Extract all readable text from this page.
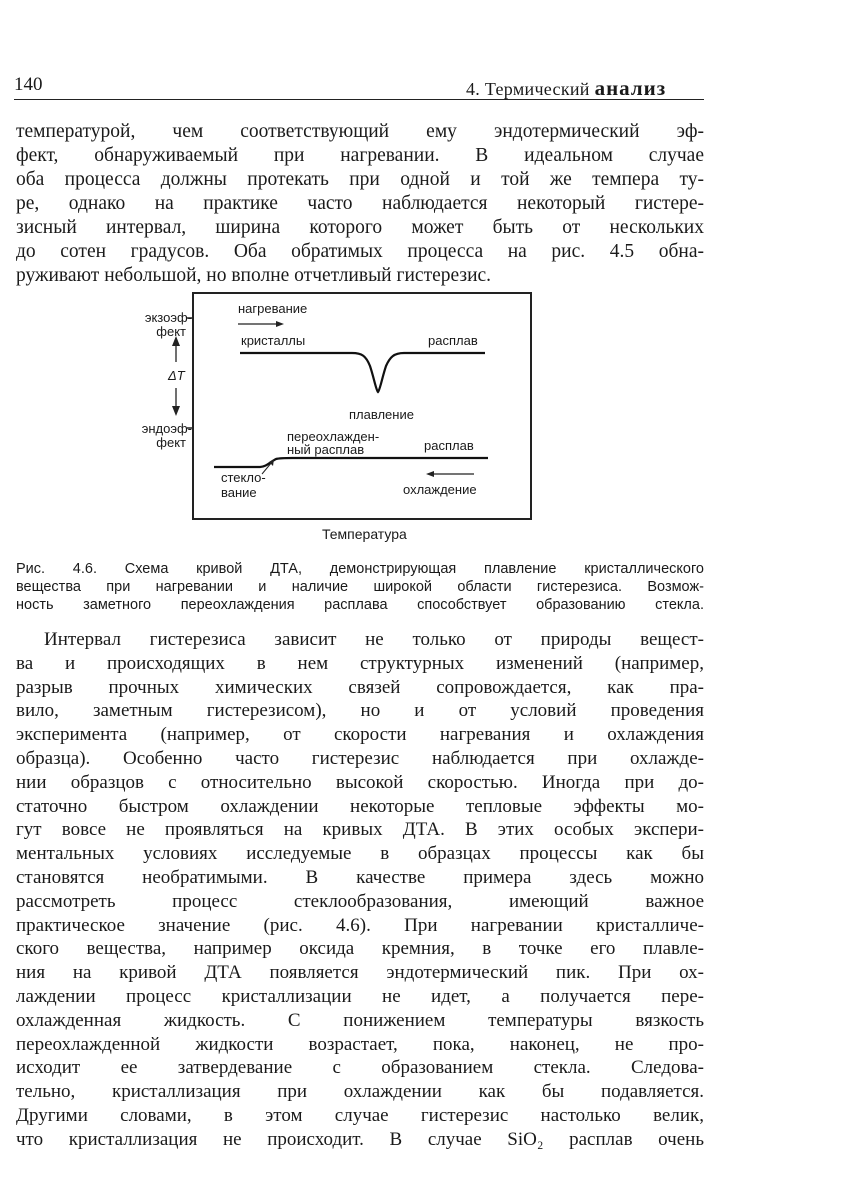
140	4. Термический анализ
температурой, чем соответствующий ему эндотермический эф-
фект, обнаруживаемый при нагревании. В идеальном случае
оба процесса должны протекать при одной и той же темпера ту-
ре, однако на практике часто наблюдается некоторый гистере-
зисный интервал, ширина которого может быть от нескольких
до сотен градусов. Оба обратимых процесса на рис. 4.5 обна-
руживают небольшой, но вполне отчетливый гистерезис.
экзоэф-
фект
ΔT
эндоэф-
фект
нагревание
кристаллы	расплав
плавление
переохлажден-
ный расплав	расплав
стекло-
вание	охлаждение
Температура
Рис. 4.6. Схема кривой ДТА, демонстрирующая плавление кристаллического
вещества при нагревании и наличие широкой области гистерезиса. Возмож-
ность заметного переохлаждения расплава способствует образованию стекла.
Интервал гистерезиса зависит не только от природы вещест-
ва и происходящих в нем структурных изменений (например,
разрыв прочных химических связей сопровождается, как пра-
вило, заметным гистерезисом), но и от условий проведения
эксперимента (например, от скорости нагревания и охлаждения
образца). Особенно часто гистерезис наблюдается при охлажде-
нии образцов с относительно высокой скоростью. Иногда при до-
статочно быстром охлаждении некоторые тепловые эффекты мо-
гут вовсе не проявляться на кривых ДТА. В этих особых экспери-
ментальных условиях исследуемые в образцах процессы как бы
становятся необратимыми. В качестве примера здесь можно
рассмотреть процесс стеклообразования, имеющий важное
практическое значение (рис. 4.6). При нагревании кристалличе-
ского вещества, например оксида кремния, в точке его плавле-
ния на кривой ДТА появляется эндотермический пик. При ох-
лаждении процесс кристаллизации не идет, а получается пере-
охлажденная жидкость. С понижением температуры вязкость
переохлажденной жидкости возрастает, пока, наконец, не про-
исходит ее затвердевание с образованием стекла. Следова-
тельно, кристаллизация при охлаждении как бы подавляется.
Другими словами, в этом случае гистерезис настолько велик,
что кристаллизация не происходит. В случае SiO₂ расплав очень
